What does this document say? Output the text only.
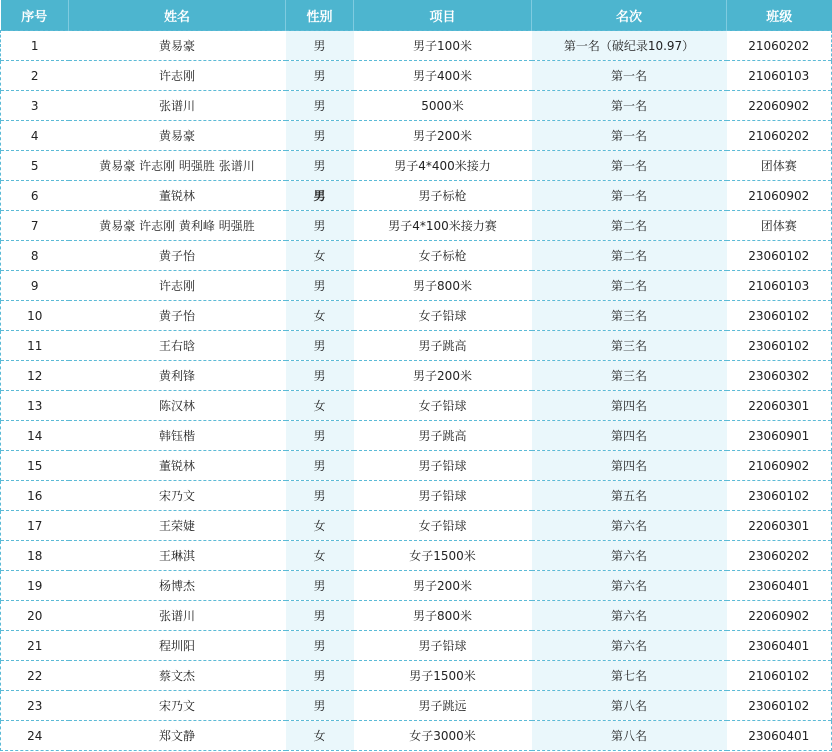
序号	姓名	性别	项目	名次	班级
1	黄易豪	男	男子100米	第一名（破纪录10.97）	21060202
2	许志刚	男	男子400米	第一名	21060103
3	张谱川	男	5000米	第一名	22060902
4	黄易豪	男	男子200米	第一名	21060202
5	黄易豪 许志刚 明强胜 张谱川	男	男子4*400米接力	第一名	团体赛
6	董锐林	男	男子标枪	第一名	21060902
7	黄易豪 许志刚 黄利峰 明强胜	男	男子4*100米接力赛	第二名	团体赛
8	黄子怡	女	女子标枪	第二名	23060102
9	许志刚	男	男子800米	第二名	21060103
10	黄子怡	女	女子铅球	第三名	23060102
11	王右晗	男	男子跳高	第三名	23060102
12	黄利锋	男	男子200米	第三名	23060302
13	陈汉林	女	女子铅球	第四名	22060301
14	韩钰楷	男	男子跳高	第四名	23060901
15	董锐林	男	男子铅球	第四名	21060902
16	宋乃文	男	男子铅球	第五名	23060102
17	王荣婕	女	女子铅球	第六名	22060301
18	王琳淇	女	女子1500米	第六名	23060202
19	杨博杰	男	男子200米	第六名	23060401
20	张谱川	男	男子800米	第六名	22060902
21	程圳阳	男	男子铅球	第六名	23060401
22	蔡文杰	男	男子1500米	第七名	21060102
23	宋乃文	男	男子跳远	第八名	23060102
24	郑文静	女	女子3000米	第八名	23060401
